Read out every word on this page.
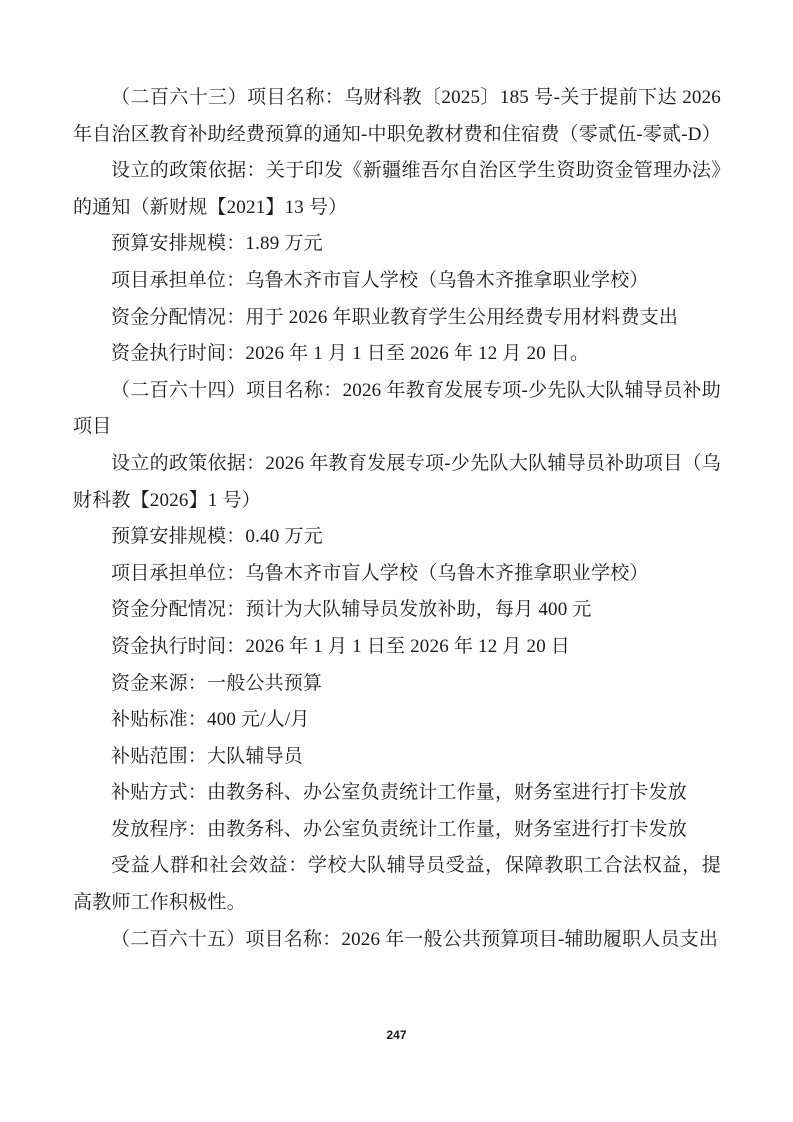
（二百六十三）项目名称：乌财科教〔2025〕185 号-关于提前下达 2026 年自治区教育补助经费预算的通知-中职免教材费和住宿费（零贰伍-零贰-D）

设立的政策依据：关于印发《新疆维吾尔自治区学生资助资金管理办法》的通知（新财规【2021】13 号）

预算安排规模：1.89 万元

项目承担单位：乌鲁木齐市盲人学校（乌鲁木齐推拿职业学校）

资金分配情况：用于 2026 年职业教育学生公用经费专用材料费支出

资金执行时间：2026 年 1 月 1 日至 2026 年 12 月 20 日。

（二百六十四）项目名称：2026 年教育发展专项-少先队大队辅导员补助项目

设立的政策依据：2026 年教育发展专项-少先队大队辅导员补助项目（乌财科教【2026】1 号）

预算安排规模：0.40 万元

项目承担单位：乌鲁木齐市盲人学校（乌鲁木齐推拿职业学校）

资金分配情况：预计为大队辅导员发放补助，每月 400 元

资金执行时间：2026 年 1 月 1 日至 2026 年 12 月 20 日

资金来源：一般公共预算

补贴标准：400 元/人/月

补贴范围：大队辅导员

补贴方式：由教务科、办公室负责统计工作量，财务室进行打卡发放

发放程序：由教务科、办公室负责统计工作量，财务室进行打卡发放

受益人群和社会效益：学校大队辅导员受益，保障教职工合法权益，提高教师工作积极性。

（二百六十五）项目名称：2026 年一般公共预算项目-辅助履职人员支出

247
